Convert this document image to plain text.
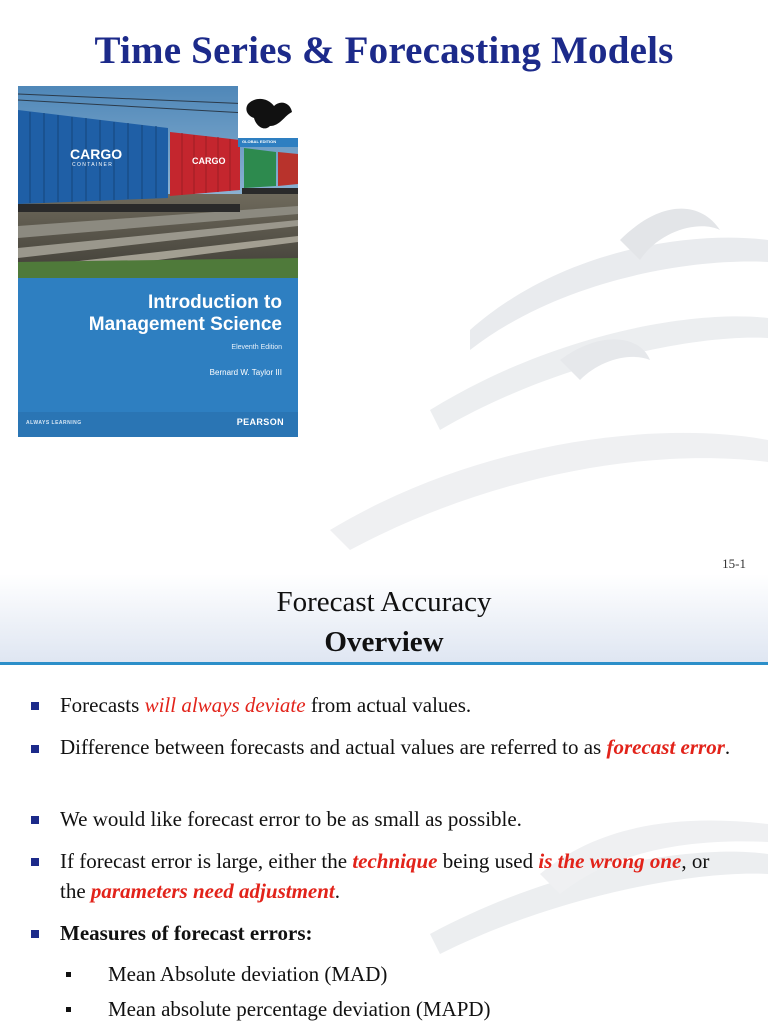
Time Series & Forecasting Models
CARGO
C O N T A I N E R	CARGO
GLOBAL EDITION
Introduction to
Management Science
Eleventh Edition
Bernard W. Taylor III
ALWAYS LEARNING	PEARSON
15-1
Forecast Accuracy
Overview
Forecasts will always deviate from actual values.
Difference between forecasts and actual values are referred to as forecast error.
We would like forecast error to be as small as possible.
If forecast error is large, either the technique being used is the wrong one, or the parameters need adjustment.
Measures of forecast errors:
Mean Absolute deviation (MAD)
Mean absolute percentage deviation (MAPD)
